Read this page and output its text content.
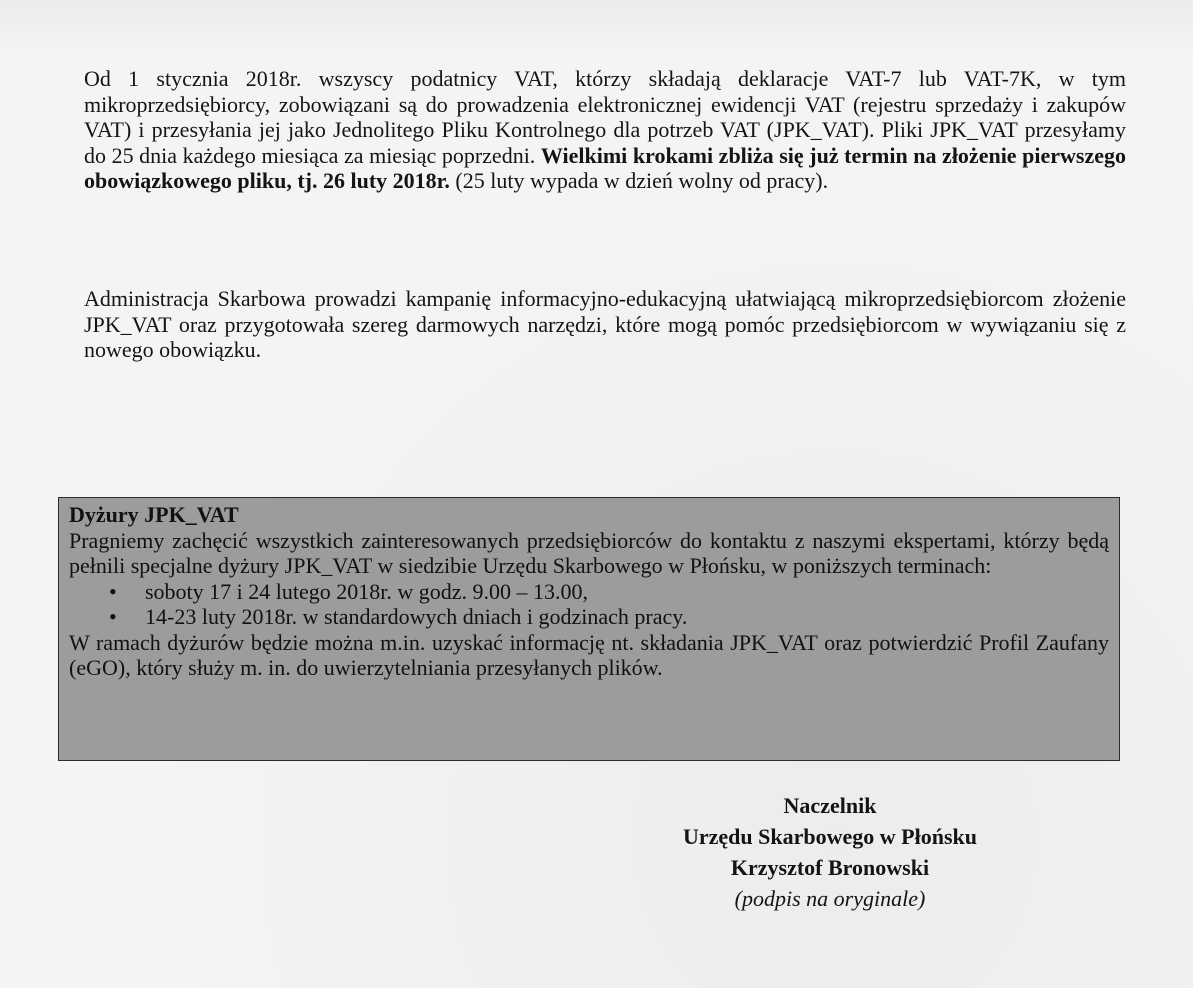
Od 1 stycznia 2018r. wszyscy podatnicy VAT, którzy składają deklaracje VAT-7 lub VAT-7K, w tym mikroprzedsiębiorcy, zobowiązani są do prowadzenia elektronicznej ewidencji VAT (rejestru sprzedaży i zakupów VAT) i przesyłania jej jako Jednolitego Pliku Kontrolnego dla potrzeb VAT (JPK_VAT). Pliki JPK_VAT przesyłamy do 25 dnia każdego miesiąca za miesiąc poprzedni. Wielkimi krokami zbliża się już termin na złożenie pierwszego obowiązkowego pliku, tj. 26 luty 2018r. (25 luty wypada w dzień wolny od pracy).

Administracja Skarbowa prowadzi kampanię informacyjno-edukacyjną ułatwiającą mikroprzedsiębiorcom złożenie JPK_VAT oraz przygotowała szereg darmowych narzędzi, które mogą pomóc przedsiębiorcom w wywiązaniu się z nowego obowiązku.

Dyżury JPK_VAT

Pragniemy zachęcić wszystkich zainteresowanych przedsiębiorców do kontaktu z naszymi ekspertami, którzy będą pełnili specjalne dyżury JPK_VAT w siedzibie Urzędu Skarbowego w Płońsku, w poniższych terminach:

• soboty 17 i 24 lutego 2018r. w godz. 9.00 – 13.00,
• 14-23 luty 2018r. w standardowych dniach i godzinach pracy.

W ramach dyżurów będzie można m.in. uzyskać informację nt. składania JPK_VAT oraz potwierdzić Profil Zaufany (eGO), który służy m. in. do uwierzytelniania przesyłanych plików.

Naczelnik
Urzędu Skarbowego w Płońsku
Krzysztof Bronowski
(podpis na oryginale)
